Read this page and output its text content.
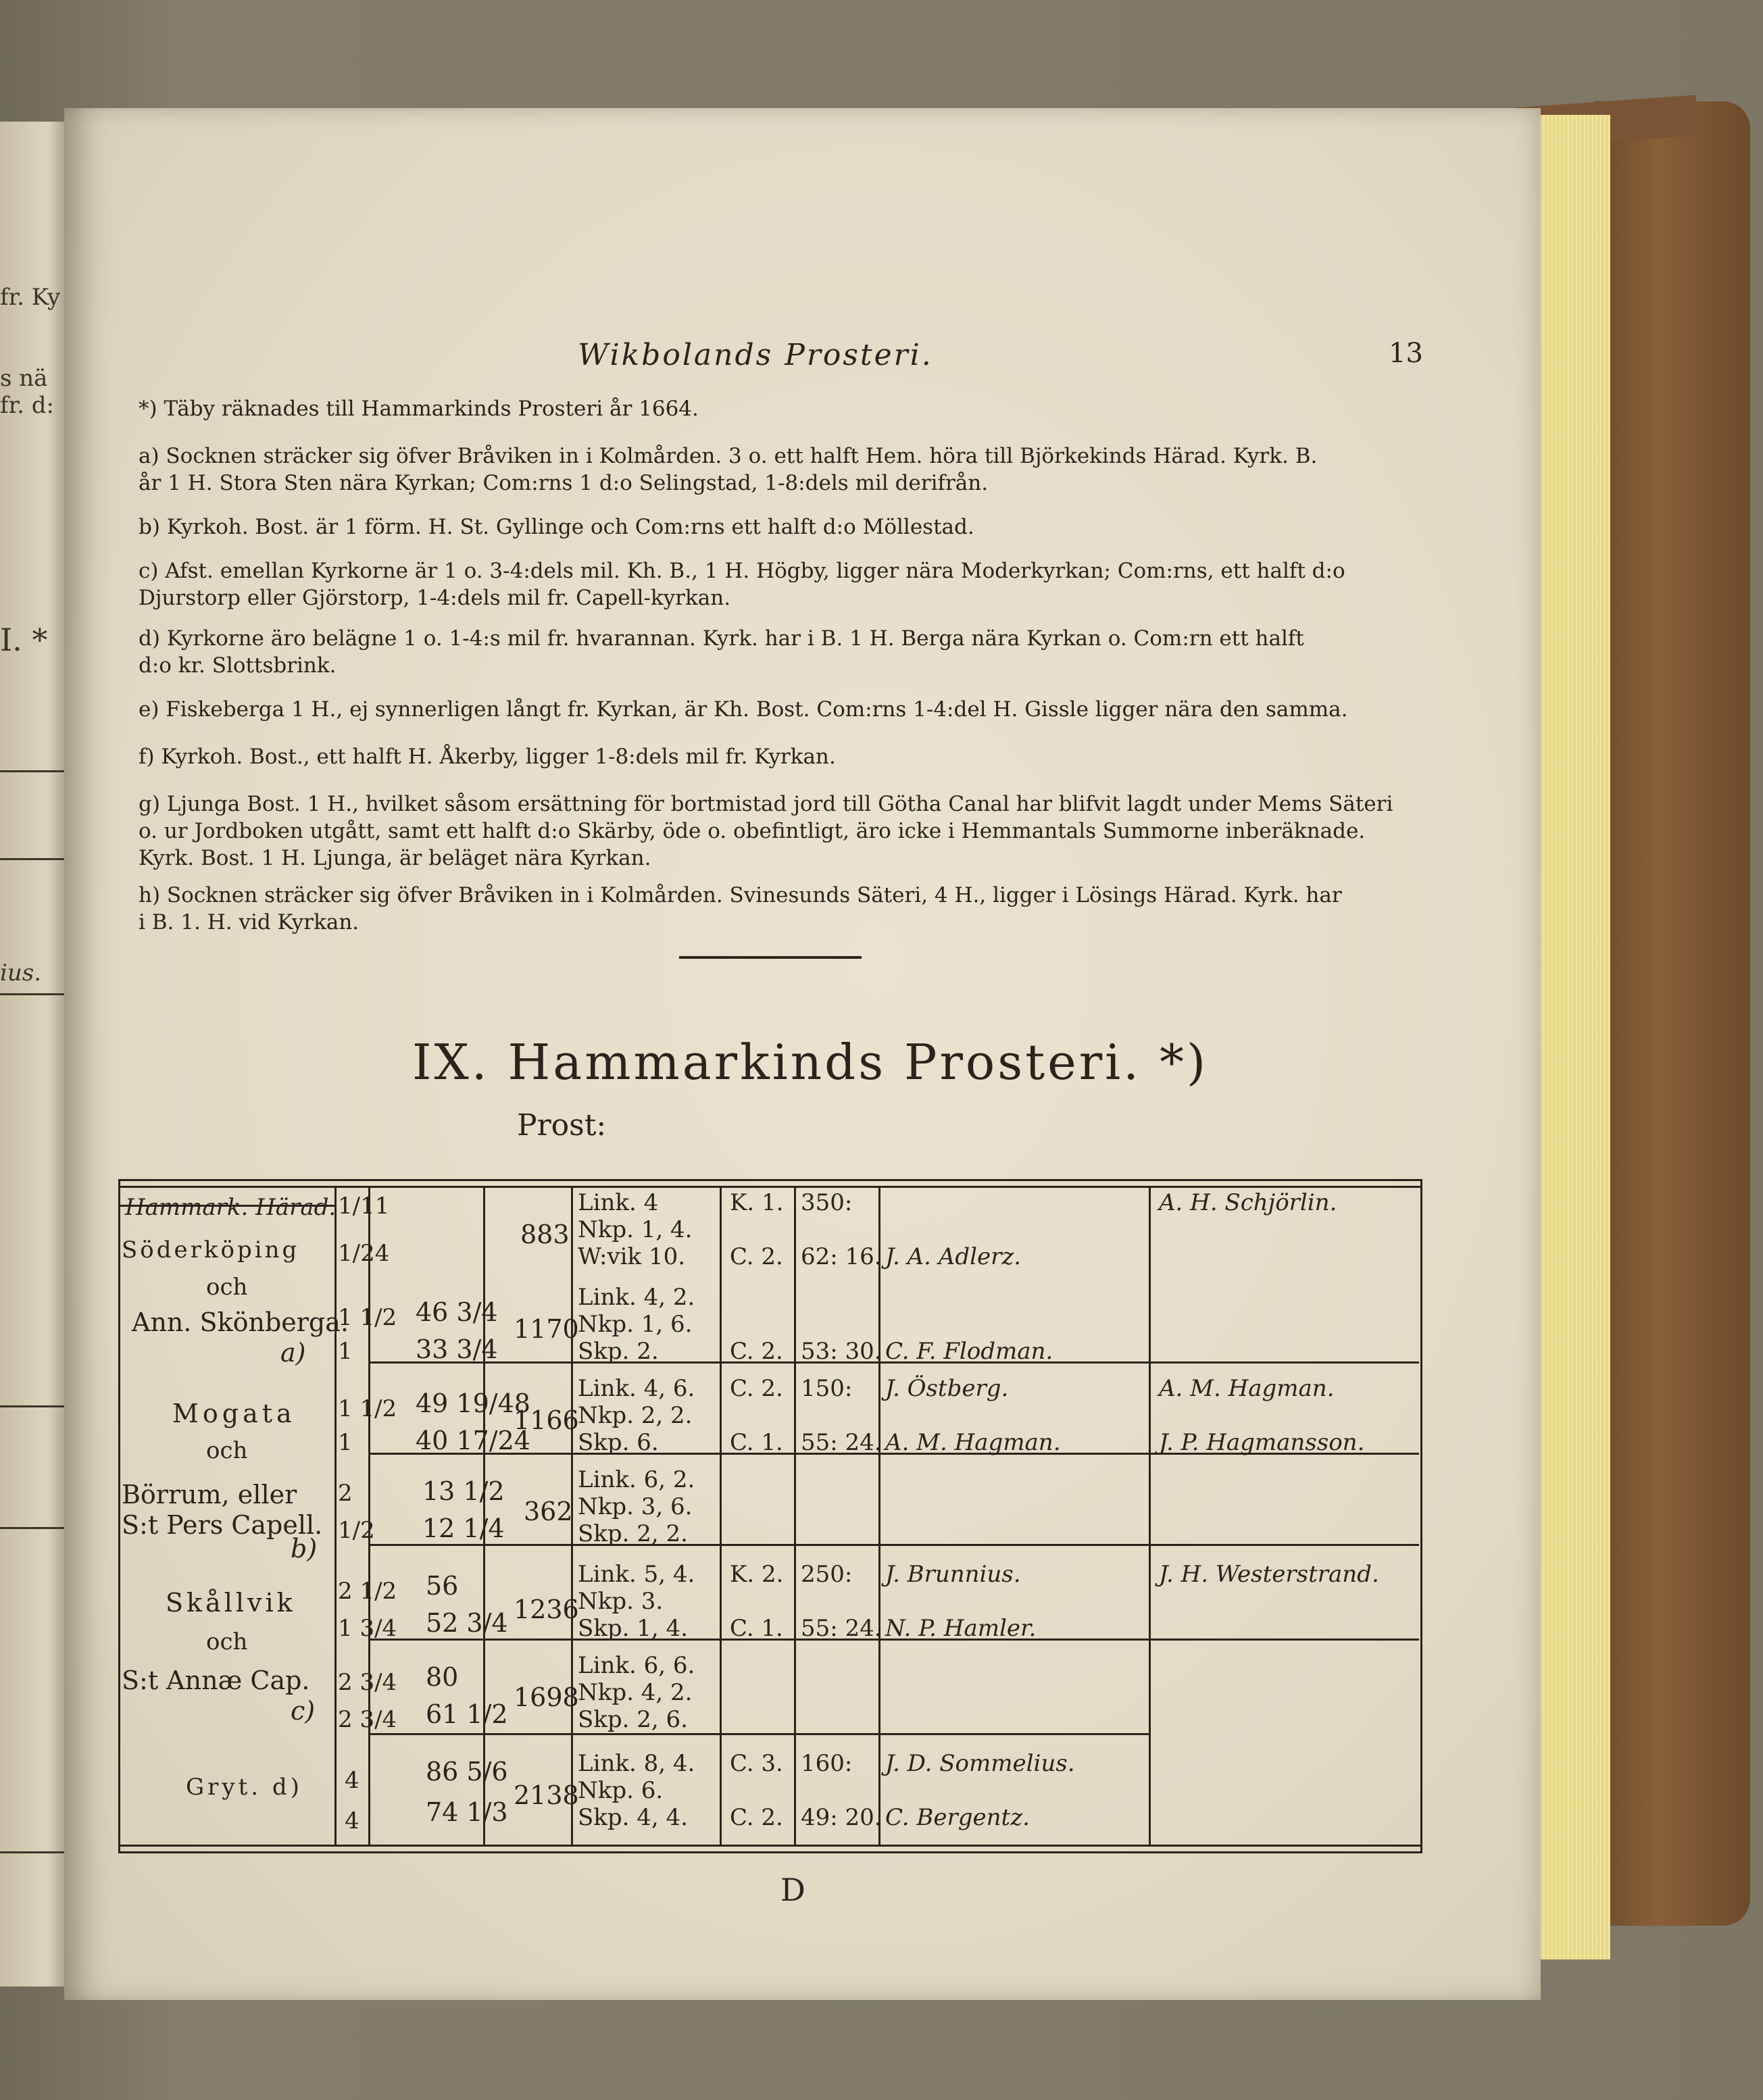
fr. Ky
s nä
fr. d:
I. *
ius.
Wikbolands Prosteri.	13
*) Täby räknades till Hammarkinds Prosteri år 1664.
a) Socknen sträcker sig öfver Bråviken in i Kolmården. 3 o. ett halft Hem. höra till Björkekinds Härad. Kyrk. B.
år 1 H. Stora Sten nära Kyrkan; Com:rns 1 d:o Selingstad, 1-8:dels mil derifrån.
b) Kyrkoh. Bost. är 1 förm. H. St. Gyllinge och Com:rns ett halft d:o Möllestad.
c) Afst. emellan Kyrkorne är 1 o. 3-4:dels mil. Kh. B., 1 H. Högby, ligger nära Moderkyrkan; Com:rns, ett halft d:o
Djurstorp eller Gjörstorp, 1-4:dels mil fr. Capell-kyrkan.
d) Kyrkorne äro belägne 1 o. 1-4:s mil fr. hvarannan. Kyrk. har i B. 1 H. Berga nära Kyrkan o. Com:rn ett halft
d:o kr. Slottsbrink.
e) Fiskeberga 1 H., ej synnerligen långt fr. Kyrkan, är Kh. Bost. Com:rns 1-4:del H. Gissle ligger nära den samma.
f) Kyrkoh. Bost., ett halft H. Åkerby, ligger 1-8:dels mil fr. Kyrkan.
g) Ljunga Bost. 1 H., hvilket såsom ersättning för bortmistad jord till Götha Canal har blifvit lagdt under Mems Säteri
o. ur Jordboken utgått, samt ett halft d:o Skärby, öde o. obefintligt, äro icke i Hemmantals Summorne inberäknade.
Kyrk. Bost. 1 H. Ljunga, är beläget nära Kyrkan.
h) Socknen sträcker sig öfver Bråviken in i Kolmården. Svinesunds Säteri, 4 H., ligger i Lösings Härad. Kyrk. har
i B. 1. H. vid Kyrkan.
IX. Hammarkinds Prosteri. *)
Prost:
Hammark. Härad.
Söderköping
och
Ann. Skönberga.
a)
Mogata
och
Börrum, eller
S:t Pers Capell.
b)
Skållvik
och
S:t Annæ Cap.
c)
Gryt. d)
1/11
1/24
1 1/2
1
1 1/2
1
2
1/2
2 1/2
1 3/4
2 3/4
2 3/4
4
4
46 3/4
33 3/4
49 19/48
40 17/24
13 1/2
12 1/4
56
52 3/4
80
61 1/2
86 5/6
74 1/3
883
1170
1166
362
1236
1698
2138
Link. 4
Nkp. 1, 4.
W:vik 10.
Link. 4, 2.
Nkp. 1, 6.
Skp. 2.
Link. 4, 6.
Nkp. 2, 2.
Skp. 6.
Link. 6, 2.
Nkp. 3, 6.
Skp. 2, 2.
Link. 5, 4.
Nkp. 3.
Skp. 1, 4.
Link. 6, 6.
Nkp. 4, 2.
Skp. 2, 6.
Link. 8, 4.
Nkp. 6.
Skp. 4, 4.
K. 1.
C. 2.
C. 2.
C. 2.
C. 1.
K. 2.
C. 1.
C. 3.
C. 2.
350:
62: 16.
53: 30.
150:
55: 24.
250:
55: 24.
160:
49: 20.
J. A. Adlerz.
C. F. Flodman.
J. Östberg.
A. M. Hagman.
J. Brunnius.
N. P. Hamler.
J. D. Sommelius.
C. Bergentz.
A. H. Schjörlin.
A. M. Hagman.
J. P. Hagmansson.
J. H. Westerstrand.
D
